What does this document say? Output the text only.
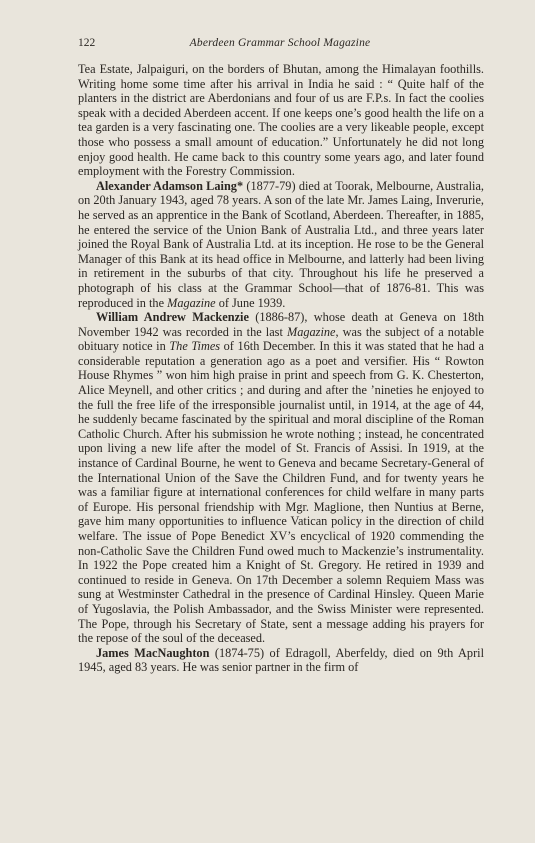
122	Aberdeen Grammar School Magazine

Tea Estate, Jalpaiguri, on the borders of Bhutan, among the Himalayan foothills. Writing home some time after his arrival in India he said : “ Quite half of the planters in the district are Aberdonians and four of us are F.P.s. In fact the coolies speak with a decided Aberdeen accent. If one keeps one’s good health the life on a tea garden is a very fascinating one. The coolies are a very likeable people, except those who possess a small amount of education.” Unfortunately he did not long enjoy good health. He came back to this country some years ago, and later found employment with the Forestry Commission.

Alexander Adamson Laing* (1877-79) died at Toorak, Melbourne, Australia, on 20th January 1943, aged 78 years. A son of the late Mr. James Laing, Inverurie, he served as an apprentice in the Bank of Scotland, Aberdeen. Thereafter, in 1885, he entered the service of the Union Bank of Australia Ltd., and three years later joined the Royal Bank of Australia Ltd. at its inception. He rose to be the General Manager of this Bank at its head office in Melbourne, and latterly had been living in retirement in the suburbs of that city. Throughout his life he preserved a photograph of his class at the Grammar School—that of 1876-81. This was reproduced in the Magazine of June 1939.

William Andrew Mackenzie (1886-87), whose death at Geneva on 18th November 1942 was recorded in the last Magazine, was the subject of a notable obituary notice in The Times of 16th December. In this it was stated that he had a considerable reputation a generation ago as a poet and versifier. His “ Rowton House Rhymes ” won him high praise in print and speech from G. K. Chesterton, Alice Meynell, and other critics ; and during and after the ’nineties he enjoyed to the full the free life of the irresponsible journalist until, in 1914, at the age of 44, he suddenly became fascinated by the spiritual and moral discipline of the Roman Catholic Church. After his submission he wrote nothing ; instead, he concentrated upon living a new life after the model of St. Francis of Assisi. In 1919, at the instance of Cardinal Bourne, he went to Geneva and became Secretary-General of the International Union of the Save the Children Fund, and for twenty years he was a familiar figure at international conferences for child welfare in many parts of Europe. His personal friendship with Mgr. Maglione, then Nuntius at Berne, gave him many opportunities to influence Vatican policy in the direction of child welfare. The issue of Pope Benedict XV’s encyclical of 1920 commending the non-Catholic Save the Children Fund owed much to Mackenzie’s instrumentality. In 1922 the Pope created him a Knight of St. Gregory. He retired in 1939 and continued to reside in Geneva. On 17th December a solemn Requiem Mass was sung at Westminster Cathedral in the presence of Cardinal Hinsley. Queen Marie of Yugoslavia, the Polish Ambassador, and the Swiss Minister were represented. The Pope, through his Secretary of State, sent a message adding his prayers for the repose of the soul of the deceased.

James MacNaughton (1874-75) of Edragoll, Aberfeldy, died on 9th April 1945, aged 83 years. He was senior partner in the firm of
